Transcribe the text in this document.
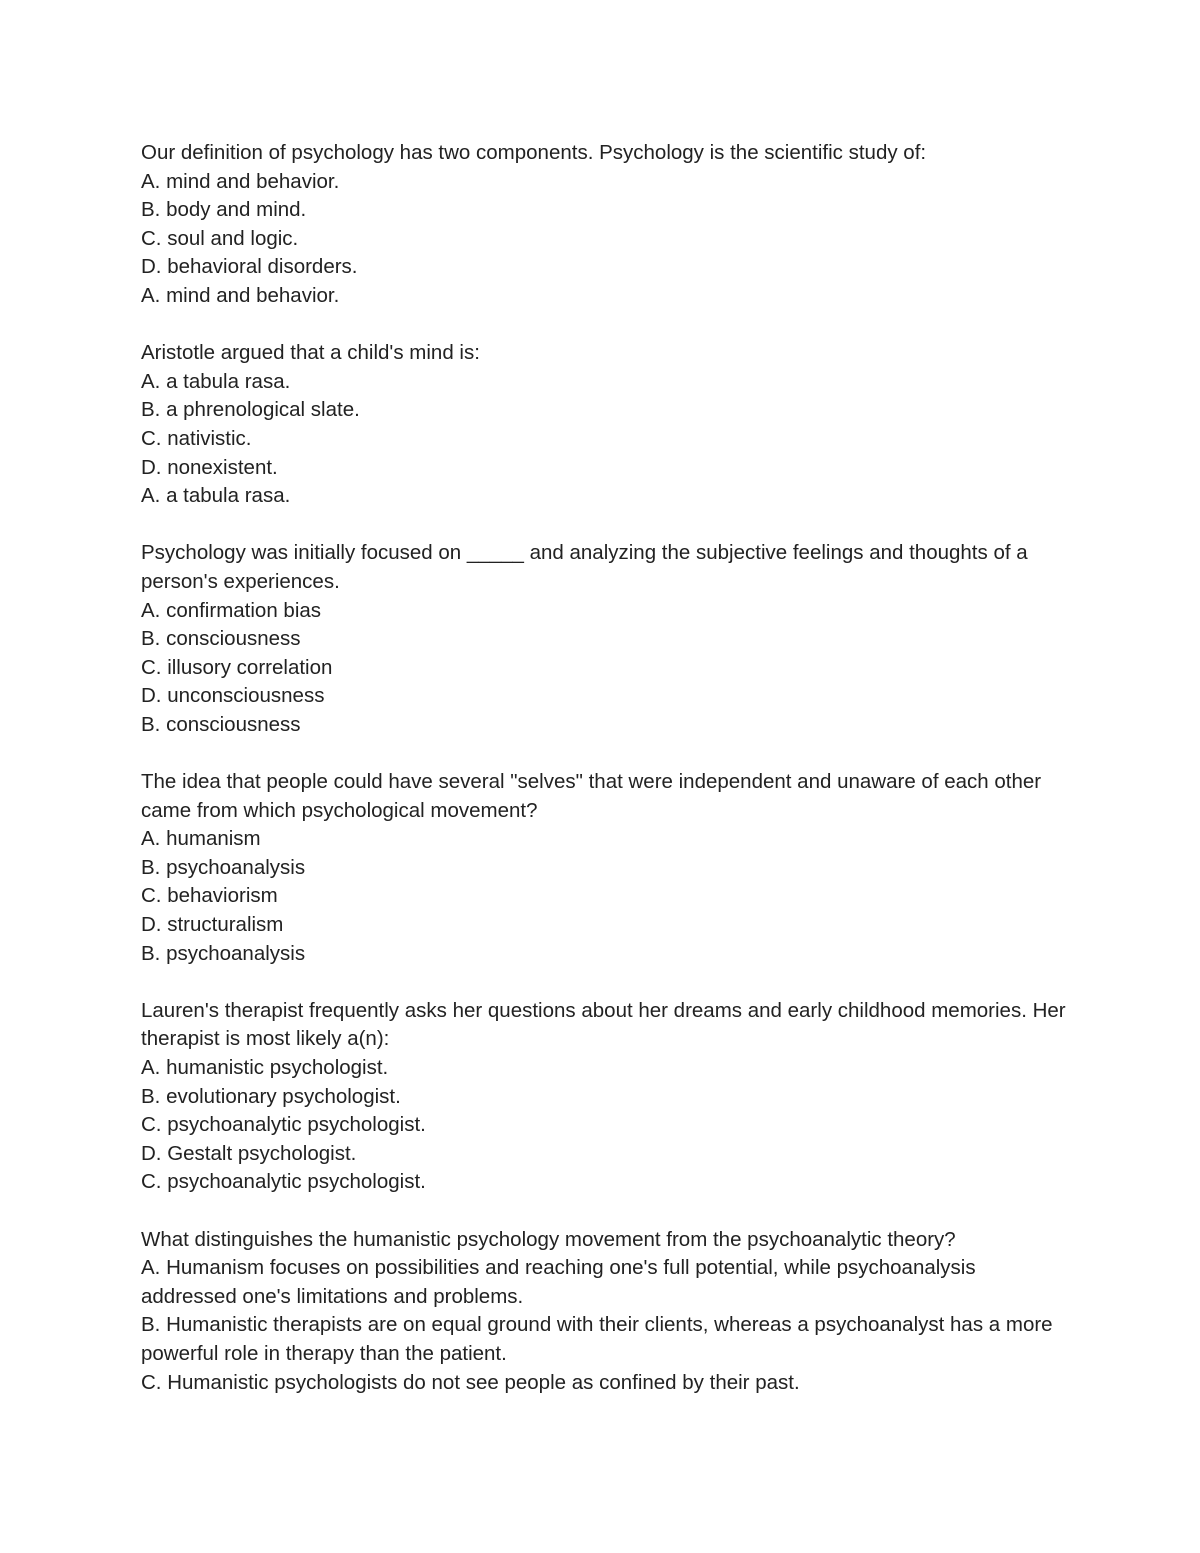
Our definition of psychology has two components. Psychology is the scientific study of:
A. mind and behavior.
B. body and mind.
C. soul and logic.
D. behavioral disorders.
A. mind and behavior.
Aristotle argued that a child's mind is:
A. a tabula rasa.
B. a phrenological slate.
C. nativistic.
D. nonexistent.
A. a tabula rasa.
Psychology was initially focused on _____ and analyzing the subjective feelings and thoughts of a person's experiences.
A. confirmation bias
B. consciousness
C. illusory correlation
D. unconsciousness
B. consciousness
The idea that people could have several "selves" that were independent and unaware of each other came from which psychological movement?
A. humanism
B. psychoanalysis
C. behaviorism
D. structuralism
B. psychoanalysis
Lauren's therapist frequently asks her questions about her dreams and early childhood memories. Her therapist is most likely a(n):
A. humanistic psychologist.
B. evolutionary psychologist.
C. psychoanalytic psychologist.
D. Gestalt psychologist.
C. psychoanalytic psychologist.
What distinguishes the humanistic psychology movement from the psychoanalytic theory?
A. Humanism focuses on possibilities and reaching one's full potential, while psychoanalysis addressed one's limitations and problems.
B. Humanistic therapists are on equal ground with their clients, whereas a psychoanalyst has a more powerful role in therapy than the patient.
C. Humanistic psychologists do not see people as confined by their past.
